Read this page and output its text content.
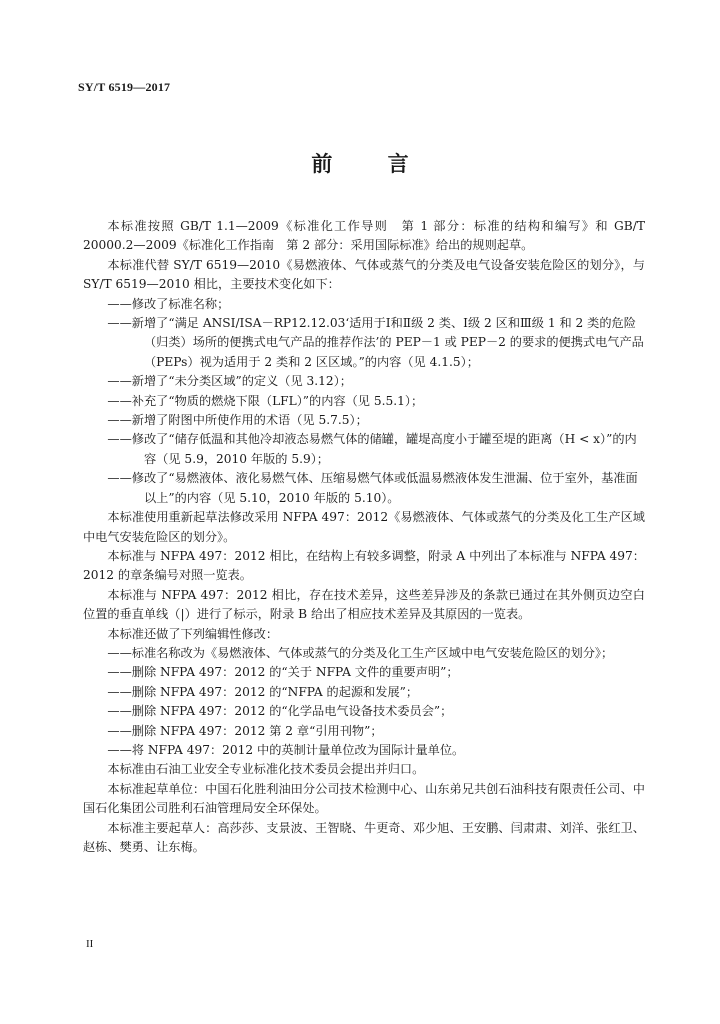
SY/T 6519—2017
前 言

本标准按照 GB/T 1.1—2009《标准化工作导则　第 1 部分：标准的结构和编写》和 GB/T 20000.2—2009《标准化工作指南　第 2 部分：采用国际标准》给出的规则起草。

本标准代替 SY/T 6519—2010《易燃液体、气体或蒸气的分类及电气设备安装危险区的划分》，与 SY/T 6519—2010 相比，主要技术变化如下：

——修改了标准名称；

——新增了“满足 ANSI/ISA－RP12.12.03‘适用于Ⅰ和Ⅱ级 2 类、Ⅰ级 2 区和Ⅲ级 1 和 2 类的危险（归类）场所的便携式电气产品的推荐作法’的 PEP－1 或 PEP－2 的要求的便携式电气产品（PEPs）视为适用于 2 类和 2 区区域。”的内容（见 4.1.5）；

——新增了“未分类区域”的定义（见 3.12）；

——补充了“物质的燃烧下限（LFL）”的内容（见 5.5.1）；

——新增了附图中所使作用的术语（见 5.7.5）；

——修改了“储存低温和其他冷却液态易燃气体的储罐，罐堤高度小于罐至堤的距离（H < x）”的内容（见 5.9，2010 年版的 5.9）；

——修改了“易燃液体、液化易燃气体、压缩易燃气体或低温易燃液体发生泄漏、位于室外，基准面以上”的内容（见 5.10，2010 年版的 5.10）。

本标准使用重新起草法修改采用 NFPA 497：2012《易燃液体、气体或蒸气的分类及化工生产区域中电气安装危险区的划分》。

本标准与 NFPA 497：2012 相比，在结构上有较多调整，附录 A 中列出了本标准与 NFPA 497：2012 的章条编号对照一览表。

本标准与 NFPA 497：2012 相比，存在技术差异，这些差异涉及的条款已通过在其外侧页边空白位置的垂直单线（|）进行了标示，附录 B 给出了相应技术差异及其原因的一览表。

本标准还做了下列编辑性修改：

——标准名称改为《易燃液体、气体或蒸气的分类及化工生产区域中电气安装危险区的划分》；

——删除 NFPA 497：2012 的“关于 NFPA 文件的重要声明”；

——删除 NFPA 497：2012 的“NFPA 的起源和发展”；

——删除 NFPA 497：2012 的“化学品电气设备技术委员会”；

——删除 NFPA 497：2012 第 2 章“引用刊物”；

——将 NFPA 497：2012 中的英制计量单位改为国际计量单位。

本标准由石油工业安全专业标准化技术委员会提出并归口。

本标准起草单位：中国石化胜利油田分公司技术检测中心、山东弟兄共创石油科技有限责任公司、中国石化集团公司胜利石油管理局安全环保处。

本标准主要起草人：高莎莎、支景波、王智晓、牛更奇、邓少旭、王安鹏、闫肃肃、刘洋、张红卫、赵栋、樊勇、让东梅。

II
